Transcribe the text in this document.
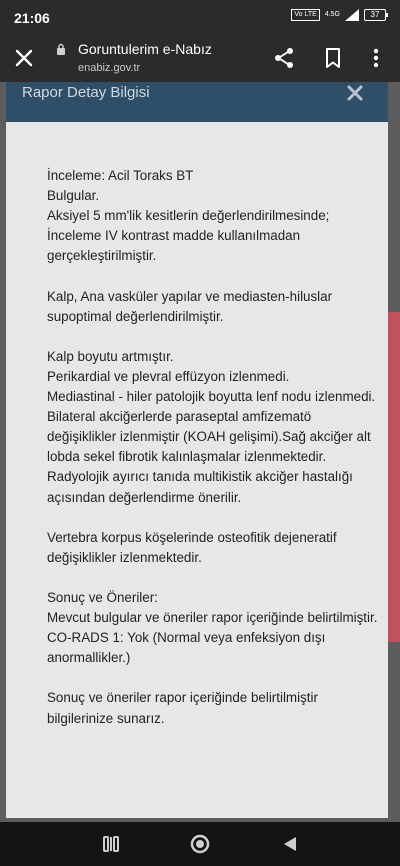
21:06	Vo LTE	4.5G	37
Goruntulerim e-Nabız
enabiz.gov.tr
Rapor Detay Bilgisi
İnceleme: Acil Toraks BT
Bulgular.
Aksiyel 5 mm'lik kesitlerin değerlendirilmesinde;
İnceleme IV kontrast madde kullanılmadan
gerçekleştirilmiştir.
Kalp, Ana vasküler yapılar ve mediasten-hiluslar
supoptimal değerlendirilmiştir.
Kalp boyutu artmıştır.
Perikardial ve plevral effüzyon izlenmedi.
Mediastinal - hiler patolojik boyutta lenf nodu izlenmedi.
Bilateral akciğerlerde paraseptal amfizematö
değişiklikler izlenmiştir (KOAH gelişimi).Sağ akciğer alt
lobda sekel fibrotik kalınlaşmalar izlenmektedir.
Radyolojik ayırıcı tanıda multikistik akciğer hastalığı
açısından değerlendirme önerilir.
Vertebra korpus köşelerinde osteofitik dejeneratif
değişiklikler izlenmektedir.
Sonuç ve Öneriler:
Mevcut bulgular ve öneriler rapor içeriğinde belirtilmiştir.
CO-RADS 1: Yok (Normal veya enfeksiyon dışı
anormallikler.)
Sonuç ve öneriler rapor içeriğinde belirtilmiştir
bilgilerinize sunarız.
